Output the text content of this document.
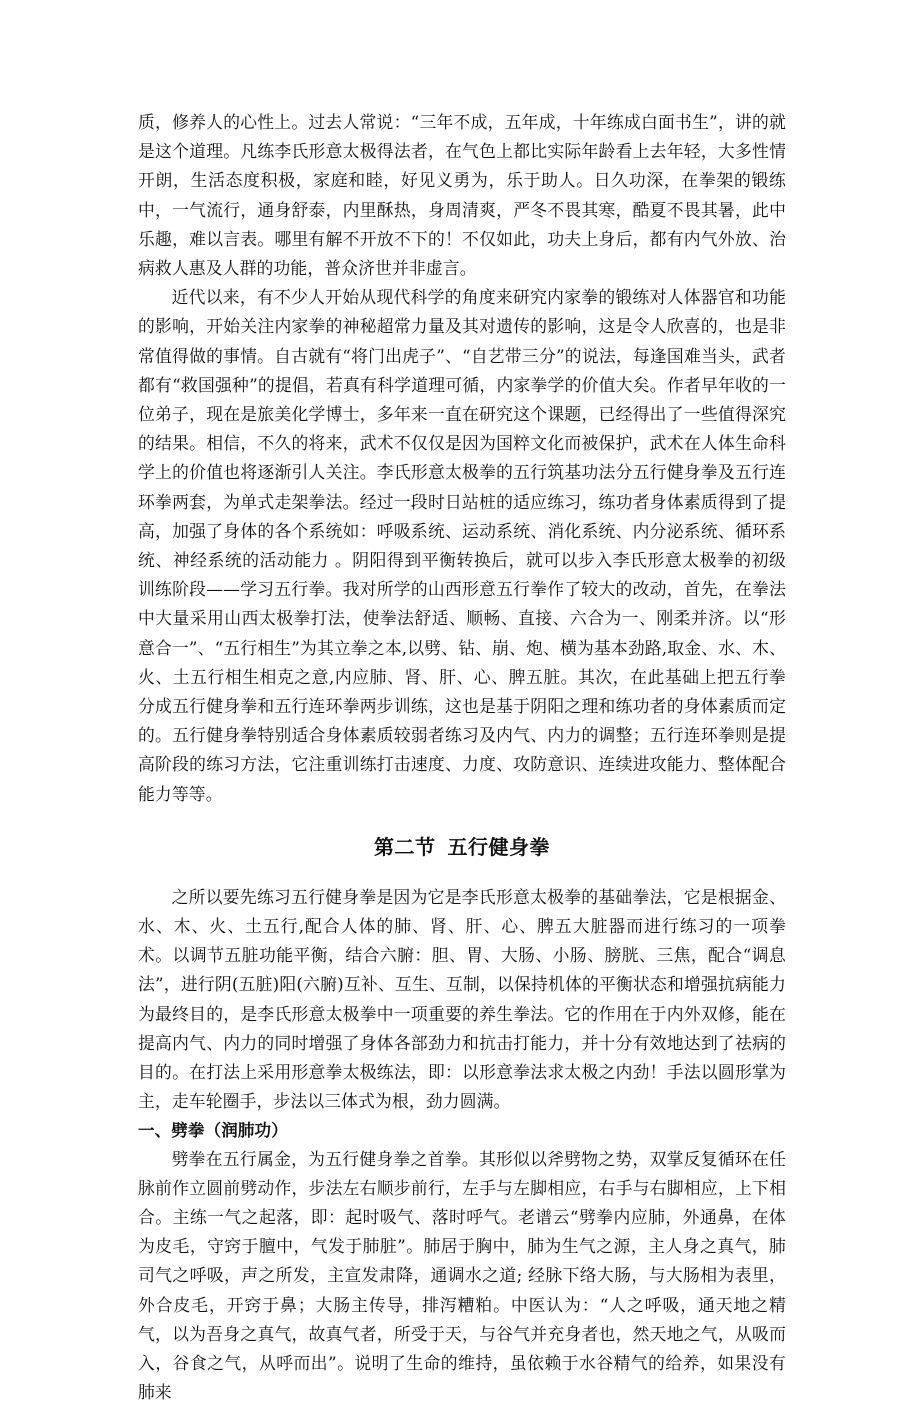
质，修养人的心性上。过去人常说：“三年不成，五年成，十年练成白面书生”，讲的就是这个道理。凡练李氏形意太极得法者，在气色上都比实际年龄看上去年轻，大多性情开朗，生活态度积极，家庭和睦，好见义勇为，乐于助人。日久功深，在拳架的锻练中，一气流行，通身舒泰，内里酥热，身周清爽，严冬不畏其寒，酷夏不畏其暑，此中乐趣，难以言表。哪里有解不开放不下的！不仅如此，功夫上身后，都有内气外放、治病救人惠及人群的功能，普众济世并非虚言。

近代以来，有不少人开始从现代科学的角度来研究内家拳的锻练对人体器官和功能的影响，开始关注内家拳的神秘超常力量及其对遗传的影响，这是令人欣喜的，也是非常值得做的事情。自古就有“将门出虎子”、“自艺带三分”的说法，每逢国难当头，武者都有“救国强种”的提倡，若真有科学道理可循，内家拳学的价值大矣。作者早年收的一位弟子，现在是旅美化学博士，多年来一直在研究这个课题，已经得出了一些值得深究的结果。相信，不久的将来，武术不仅仅是因为国粹文化而被保护，武术在人体生命科学上的价值也将逐渐引人关注。李氏形意太极拳的五行筑基功法分五行健身拳及五行连环拳两套，为单式走架拳法。经过一段时日站桩的适应练习，练功者身体素质得到了提高，加强了身体的各个系统如：呼吸系统、运动系统、消化系统、内分泌系统、循环系统、神经系统的活动能力 。阴阳得到平衡转换后，就可以步入李氏形意太极拳的初级训练阶段——学习五行拳。我对所学的山西形意五行拳作了较大的改动，首先，在拳法中大量采用山西太极拳打法，使拳法舒适、顺畅、直接、六合为一、刚柔并济。以“形意合一”、“五行相生”为其立拳之本,以劈、钻、崩、炮、横为基本劲路,取金、水、木、火、土五行相生相克之意,内应肺、肾、肝、心、脾五脏。其次，在此基础上把五行拳分成五行健身拳和五行连环拳两步训练，这也是基于阴阳之理和练功者的身体素质而定的。五行健身拳特别适合身体素质较弱者练习及内气、内力的调整；五行连环拳则是提高阶段的练习方法，它注重训练打击速度、力度、攻防意识、连续进攻能力、整体配合能力等等。

第二节 五行健身拳

之所以要先练习五行健身拳是因为它是李氏形意太极拳的基础拳法，它是根据金、水、木、火、土五行,配合人体的肺、肾、肝、心、脾五大脏器而进行练习的一项拳术。以调节五脏功能平衡，结合六腑：胆、胃、大肠、小肠、膀胱、三焦，配合“调息法”，进行阴(五脏)阳(六腑)互补、互生、互制，以保持机体的平衡状态和增强抗病能力为最终目的，是李氏形意太极拳中一项重要的养生拳法。它的作用在于内外双修，能在提高内气、内力的同时增强了身体各部劲力和抗击打能力，并十分有效地达到了祛病的目的。在打法上采用形意拳太极练法，即：以形意拳法求太极之内劲！手法以圆形掌为主，走车轮圈手，步法以三体式为根，劲力圆满。

一、劈拳（润肺功）

劈拳在五行属金，为五行健身拳之首拳。其形似以斧劈物之势，双掌反复循环在任脉前作立圆前劈动作，步法左右顺步前行，左手与左脚相应，右手与右脚相应，上下相合。主练一气之起落，即：起时吸气、落时呼气。老谱云“劈拳内应肺，外通鼻，在体为皮毛，守窍于膻中，气发于肺脏”。肺居于胸中，肺为生气之源，主人身之真气，肺司气之呼吸，声之所发，主宣发肃降，通调水之道; 经脉下络大肠，与大肠相为表里，外合皮毛，开窍于鼻；大肠主传导，排泻糟粕。中医认为：“人之呼吸，通天地之精气，以为吾身之真气，故真气者，所受于天，与谷气并充身者也，然天地之气，从吸而入，谷食之气，从呼而出”。说明了生命的维持，虽依赖于水谷精气的给养，如果没有肺来
